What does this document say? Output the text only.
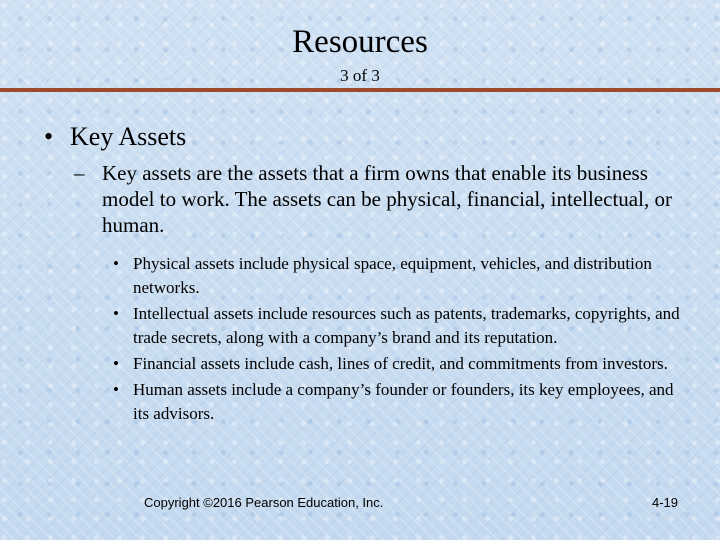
Resources
3 of 3
• Key Assets
– Key assets are the assets that a firm owns that enable its business model to work. The assets can be physical, financial, intellectual, or human.
• Physical assets include physical space, equipment, vehicles, and distribution networks.
• Intellectual assets include resources such as patents, trademarks, copyrights, and trade secrets, along with a company’s brand and its reputation.
• Financial assets include cash, lines of credit, and commitments from investors.
• Human assets include a company’s founder or founders, its key employees, and its advisors.
Copyright ©2016 Pearson Education, Inc.	4-19
